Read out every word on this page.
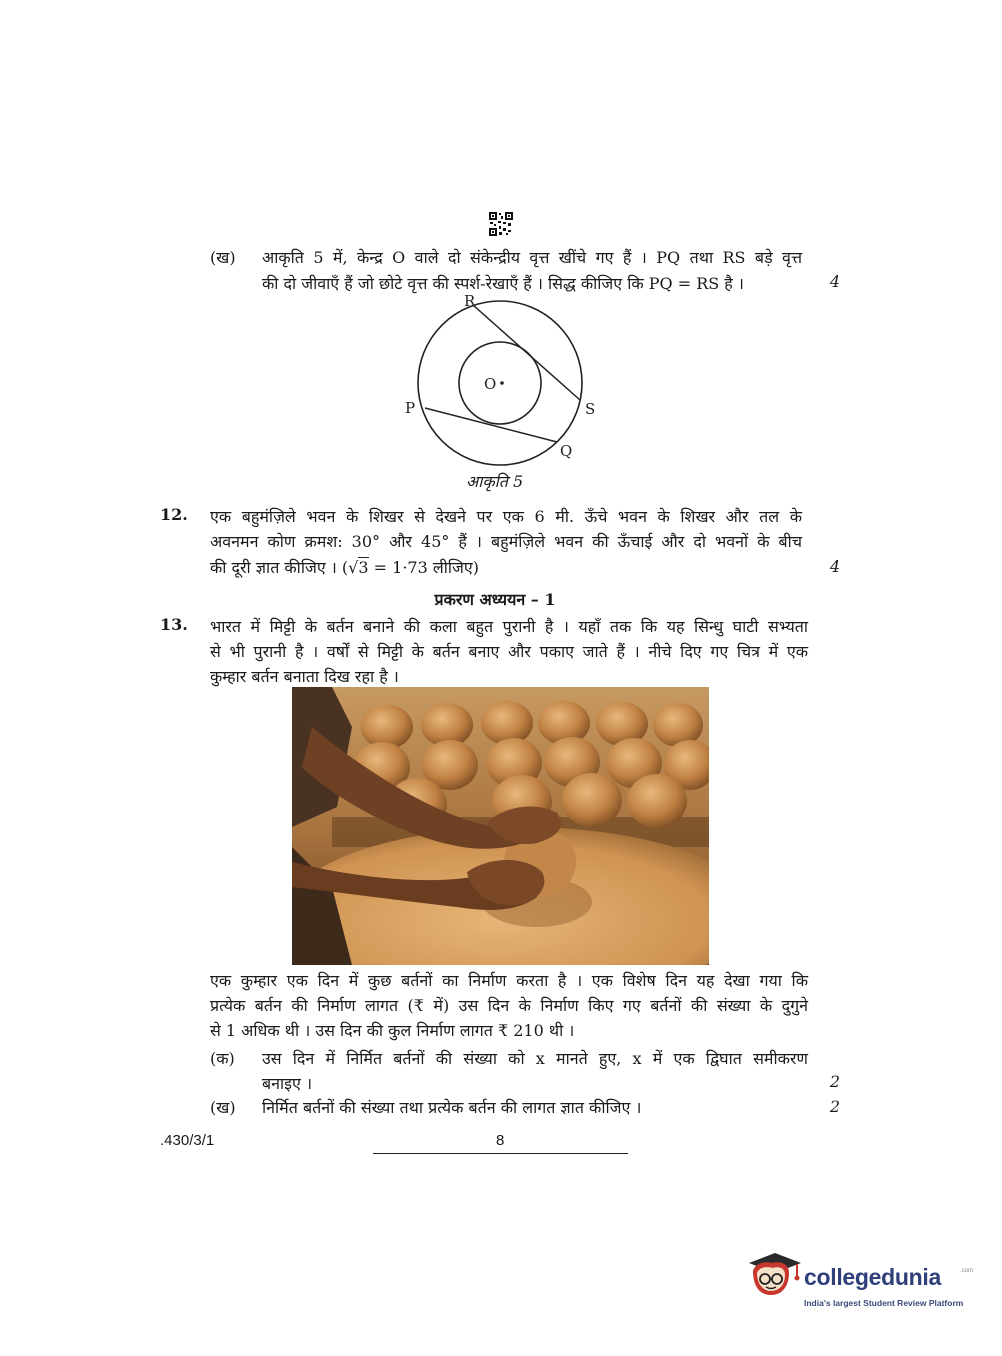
(ख) आकृति 5 में, केन्द्र O वाले दो संकेन्द्रीय वृत्त खींचे गए हैं । PQ तथा RS बड़े वृत्त
की दो जीवाएँ हैं जो छोटे वृत्त की स्पर्श-रेखाएँ हैं । सिद्ध कीजिए कि PQ = RS है ।	4
R
S
P
Q
O
आकृति 5
12. एक बहुमंज़िले भवन के शिखर से देखने पर एक 6 मी. ऊँचे भवन के शिखर और तल के
अवनमन कोण क्रमश: 30° और 45° हैं । बहुमंज़िले भवन की ऊँचाई और दो भवनों के बीच
की दूरी ज्ञात कीजिए । (√3 = 1·73 लीजिए)	4
प्रकरण अध्ययन – 1
13. भारत में मिट्टी के बर्तन बनाने की कला बहुत पुरानी है । यहाँ तक कि यह सिन्धु घाटी सभ्यता
से भी पुरानी है । वर्षों से मिट्टी के बर्तन बनाए और पकाए जाते हैं । नीचे दिए गए चित्र में एक
कुम्हार बर्तन बनाता दिख रहा है ।
एक कुम्हार एक दिन में कुछ बर्तनों का निर्माण करता है । एक विशेष दिन यह देखा गया कि
प्रत्येक बर्तन की निर्माण लागत (₹ में) उस दिन के निर्माण किए गए बर्तनों की संख्या के दुगुने
से 1 अधिक थी । उस दिन की कुल निर्माण लागत ₹ 210 थी ।
(क) उस दिन में निर्मित बर्तनों की संख्या को x मानते हुए, x में एक द्विघात समीकरण
बनाइए ।	2
(ख) निर्मित बर्तनों की संख्या तथा प्रत्येक बर्तन की लागत ज्ञात कीजिए ।	2
.430/3/1	8
collegedunia	.com
India's largest Student Review Platform
